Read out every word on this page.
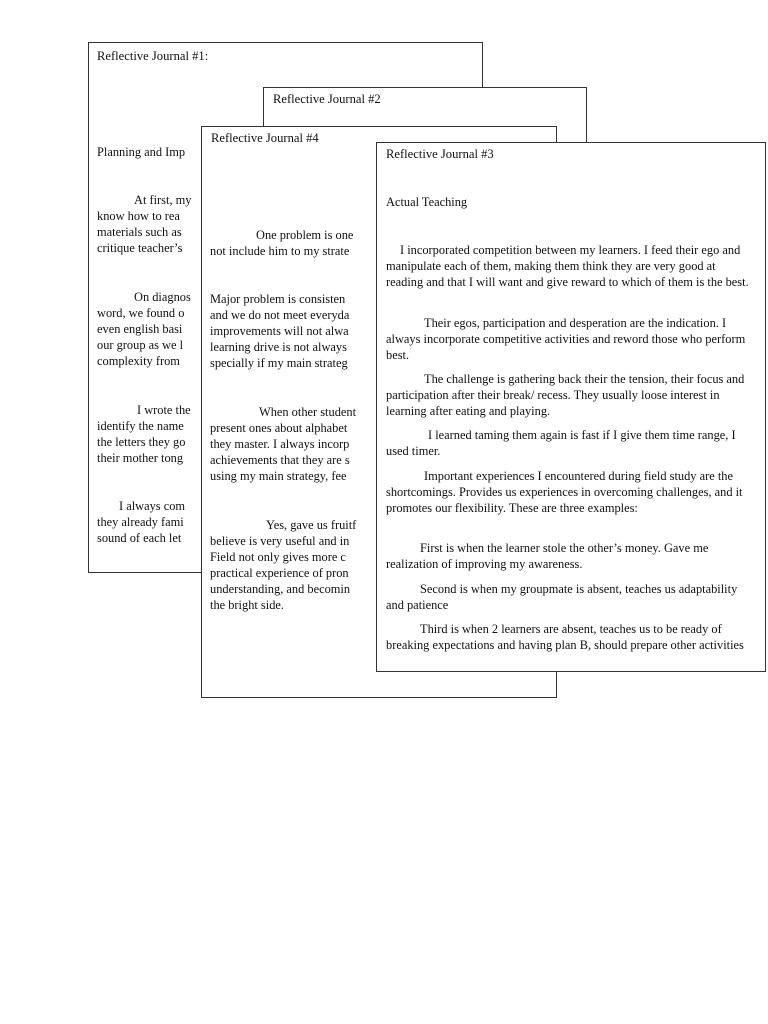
Reflective Journal #1:
Planning and Imp
At first, my
know how to rea
materials such as
critique teacher’s
On diagnos
word, we found o
even english basi
our group as we l
complexity from
I wrote the
identify the name
the letters they go
their mother tong
I always com
they already fami
sound of each let
Reflective Journal #2
Reflective Journal #4
One problem is one
not include him to my strate
Major problem is consisten
and we do not meet everyda
improvements will not alwa
learning drive is not always
specially if my main strateg
When other student
present ones about alphabet
they master. I always incorp
achievements that they are s
using my main strategy, fee
Yes, gave us fruitf
believe is very useful and in
Field not only gives more c
practical experience of pron
understanding, and becomin
the bright side.
Reflective Journal #3
Actual Teaching
I incorporated competition between my learners. I feed their ego and manipulate each of them, making them think they are very good at reading and that I will want and give reward to which of them is the best.
Their egos, participation and desperation are the indication. I always incorporate competitive activities and reword those who perform best.
The challenge is gathering back their the tension, their focus and participation after their break/ recess. They usually loose interest in learning after eating and playing.
I learned taming them again is fast if I give them time range, I used timer.
Important experiences I encountered during field study are the shortcomings. Provides us experiences in overcoming challenges, and it promotes our flexibility. These are three examples:
First is when the learner stole the other’s money. Gave me realization of improving my awareness.
Second is when my groupmate is absent, teaches us adaptability and patience
Third is when 2 learners are absent, teaches us to be ready of breaking expectations and having plan B, should prepare other activities
